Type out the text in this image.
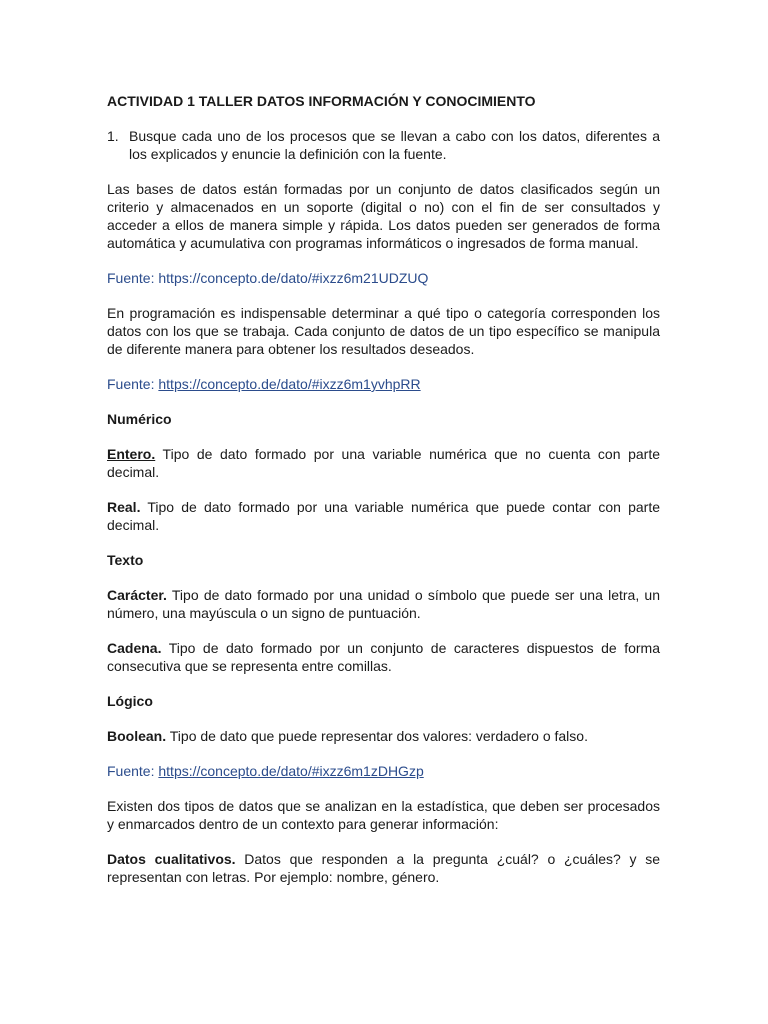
ACTIVIDAD 1 TALLER DATOS INFORMACIÓN Y CONOCIMIENTO
1. Busque cada uno de los procesos que se llevan a cabo con los datos, diferentes a los explicados y enuncie la definición con la fuente.

Las bases de datos están formadas por un conjunto de datos clasificados según un criterio y almacenados en un soporte (digital o no) con el fin de ser consultados y acceder a ellos de manera simple y rápida. Los datos pueden ser generados de forma automática y acumulativa con programas informáticos o ingresados de forma manual.

Fuente: https://concepto.de/dato/#ixzz6m21UDZUQ

En programación es indispensable determinar a qué tipo o categoría corresponden los datos con los que se trabaja. Cada conjunto de datos de un tipo específico se manipula de diferente manera para obtener los resultados deseados.

Fuente: https://concepto.de/dato/#ixzz6m1yvhpRR
Numérico

Entero. Tipo de dato formado por una variable numérica que no cuenta con parte decimal.

Real. Tipo de dato formado por una variable numérica que puede contar con parte decimal.

Texto

Carácter. Tipo de dato formado por una unidad o símbolo que puede ser una letra, un número, una mayúscula o un signo de puntuación.

Cadena. Tipo de dato formado por un conjunto de caracteres dispuestos de forma consecutiva que se representa entre comillas.

Lógico

Boolean. Tipo de dato que puede representar dos valores: verdadero o falso.

Fuente: https://concepto.de/dato/#ixzz6m1zDHGzp

Existen dos tipos de datos que se analizan en la estadística, que deben ser procesados y enmarcados dentro de un contexto para generar información:

Datos cualitativos. Datos que responden a la pregunta ¿cuál? o ¿cuáles? y se representan con letras. Por ejemplo: nombre, género.
